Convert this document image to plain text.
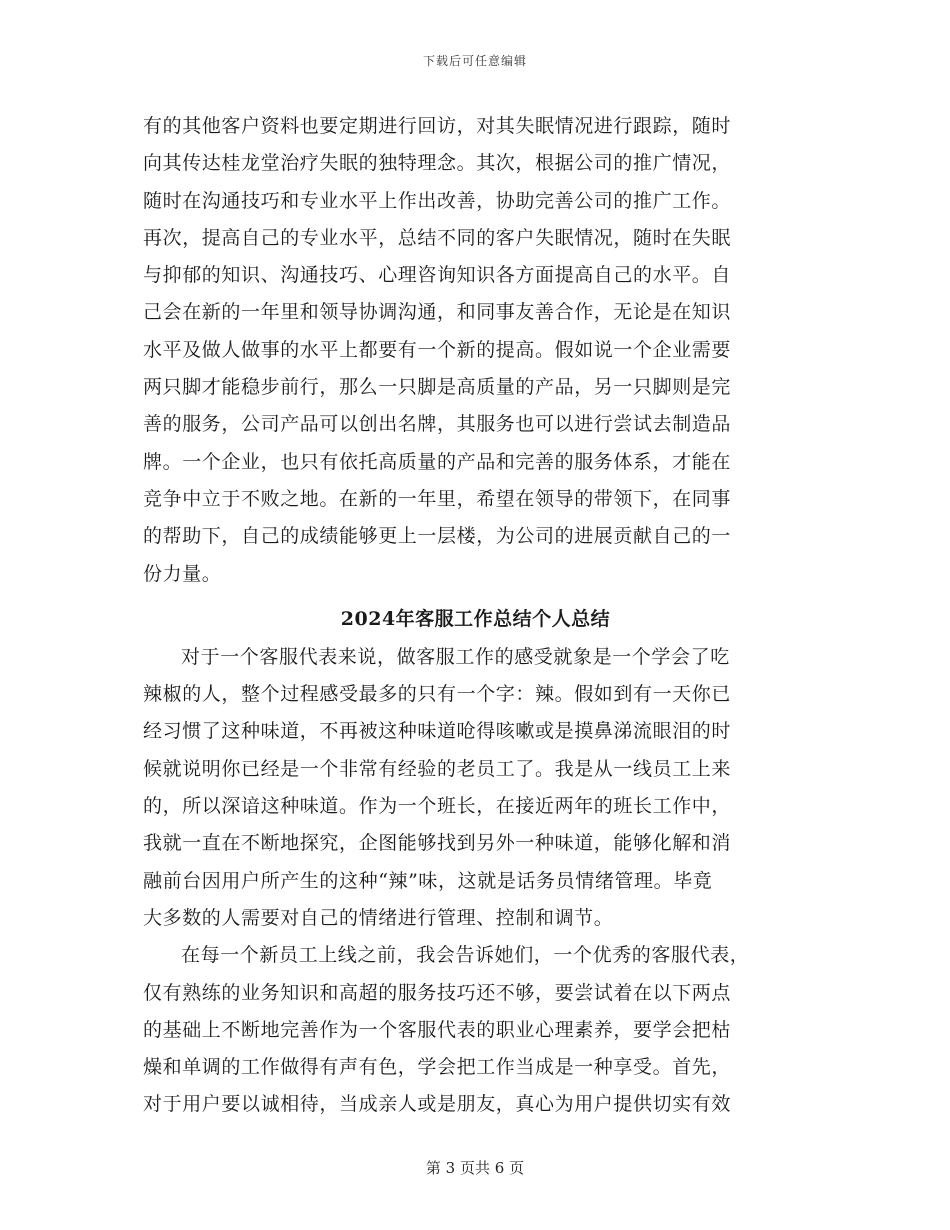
下载后可任意编辑
有的其他客户资料也要定期进行回访，对其失眠情况进行跟踪，随时
向其传达桂龙堂治疗失眠的独特理念。其次，根据公司的推广情况，
随时在沟通技巧和专业水平上作出改善，协助完善公司的推广工作。
再次，提高自己的专业水平，总结不同的客户失眠情况，随时在失眠
与抑郁的知识、沟通技巧、心理咨询知识各方面提高自己的水平。自
己会在新的一年里和领导协调沟通，和同事友善合作，无论是在知识
水平及做人做事的水平上都要有一个新的提高。假如说一个企业需要
两只脚才能稳步前行，那么一只脚是高质量的产品，另一只脚则是完
善的服务，公司产品可以创出名牌，其服务也可以进行尝试去制造品
牌。一个企业，也只有依托高质量的产品和完善的服务体系，才能在
竞争中立于不败之地。在新的一年里，希望在领导的带领下，在同事
的帮助下，自己的成绩能够更上一层楼，为公司的进展贡献自己的一
份力量。
2024年客服工作总结个人总结
对于一个客服代表来说，做客服工作的感受就象是一个学会了吃
辣椒的人，整个过程感受最多的只有一个字：辣。假如到有一天你已
经习惯了这种味道，不再被这种味道呛得咳嗽或是摸鼻涕流眼泪的时
候就说明你已经是一个非常有经验的老员工了。我是从一线员工上来
的，所以深谙这种味道。作为一个班长，在接近两年的班长工作中，
我就一直在不断地探究，企图能够找到另外一种味道，能够化解和消
融前台因用户所产生的这种“辣”味，这就是话务员情绪管理。毕竟
大多数的人需要对自己的情绪进行管理、控制和调节。
在每一个新员工上线之前，我会告诉她们，一个优秀的客服代表，
仅有熟练的业务知识和高超的服务技巧还不够，要尝试着在以下两点
的基础上不断地完善作为一个客服代表的职业心理素养，要学会把枯
燥和单调的工作做得有声有色，学会把工作当成是一种享受。首先，
对于用户要以诚相待，当成亲人或是朋友，真心为用户提供切实有效
第 3 页共 6 页
